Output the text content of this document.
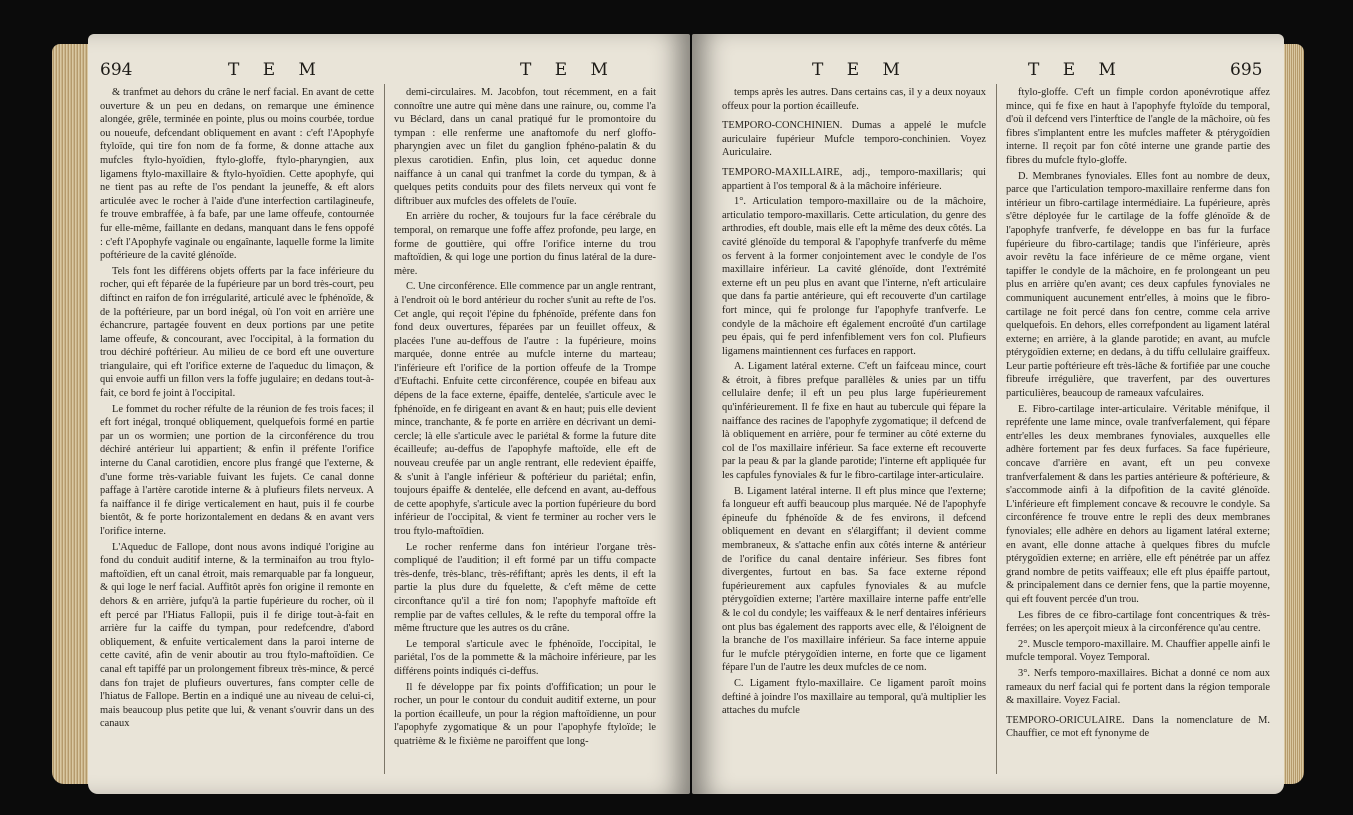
694	T E M	T E M

& tranfmet au dehors du crâne le nerf facial. En avant de cette ouverture & un peu en dedans, on remarque une éminence alongée, grêle, terminée en pointe, plus ou moins courbée, tordue ou noueufe, defcendant obliquement en avant : c'eft l'Apophyfe ftyloïde, qui tire fon nom de fa forme, & donne attache aux mufcles ftylo-hyoïdien, ftylo-gloffe, ftylo-pharyngien, aux ligamens ftylo-maxillaire & ftylo-hyoïdien. Cette apophyfe, qui ne tient pas au refte de l'os pendant la jeuneffe, & eft alors articulée avec le rocher à l'aide d'une interfection cartilagineufe, fe trouve embraffée, à fa bafe, par une lame offeufe, contournée fur elle-même, faillante en dedans, manquant dans le fens oppofé : c'eft l'Apophyfe vaginale ou engaînante, laquelle forme la limite poftérieure de la cavité glénoïde.

Tels font les différens objets offerts par la face inférieure du rocher, qui eft féparée de la fupérieure par un bord très-court, peu diftinct en raifon de fon irrégularité, articulé avec le fphénoïde, & de la poftérieure, par un bord inégal, où l'on voit en arrière une échancrure, partagée fouvent en deux portions par une petite lame offeufe, & concourant, avec l'occipital, à la formation du trou déchiré poftérieur. Au milieu de ce bord eft une ouverture triangulaire, qui eft l'orifice externe de l'aqueduc du limaçon, & qui envoie auffi un fillon vers la foffe jugulaire; en dedans tout-à-fait, ce bord fe joint à l'occipital.

Le fommet du rocher réfulte de la réunion de fes trois faces; il eft fort inégal, tronqué obliquement, quelquefois formé en partie par un os wormien; une portion de la circonférence du trou déchiré antérieur lui appartient; & enfin il préfente l'orifice interne du Canal carotidien, encore plus frangé que l'externe, & d'une forme très-variable fuivant les fujets. Ce canal donne paffage à l'artère carotide interne & à plufieurs filets nerveux. A fa naiffance il fe dirige verticalement en haut, puis il fe courbe bientôt, & fe porte horizontalement en dedans & en avant vers l'orifice interne.

L'Aqueduc de Fallope, dont nous avons indiqué l'origine au fond du conduit auditif interne, & la terminaifon au trou ftylo-maftoïdien, eft un canal étroit, mais remarquable par fa longueur, & qui loge le nerf facial. Auffitôt après fon origine il remonte en dehors & en arrière, jufqu'à la partie fupérieure du rocher, où il eft percé par l'Hiatus Fallopii, puis il fe dirige tout-à-fait en arrière fur la caiffe du tympan, pour redefcendre, d'abord obliquement, & enfuite verticalement dans la paroi interne de cette cavité, afin de venir aboutir au trou ftylo-maftoïdien. Ce canal eft tapiffé par un prolongement fibreux très-mince, & percé dans fon trajet de plufieurs ouvertures, fans compter celle de l'hiatus de Fallope. Bertin en a indiqué une au niveau de celui-ci, mais beaucoup plus petite que lui, & venant s'ouvrir dans un des canaux

demi-circulaires. M. Jacobfon, tout récemment, en a fait connoître une autre qui mène dans une rainure, ou, comme l'a vu Béclard, dans un canal pratiqué fur le promontoire du tympan : elle renferme une anaftomofe du nerf gloffo-pharyngien avec un filet du ganglion fphéno-palatin & du plexus carotidien. Enfin, plus loin, cet aqueduc donne naiffance à un canal qui tranfmet la corde du tympan, & à quelques petits conduits pour des filets nerveux qui vont fe diftribuer aux mufcles des offelets de l'ouïe.

En arrière du rocher, & toujours fur la face cérébrale du temporal, on remarque une foffe affez profonde, peu large, en forme de gouttière, qui offre l'orifice interne du trou maftoïdien, & qui loge une portion du finus latéral de la dure-mère.

C. Une circonférence. Elle commence par un angle rentrant, à l'endroit où le bord antérieur du rocher s'unit au refte de l'os. Cet angle, qui reçoit l'épine du fphénoïde, préfente dans fon fond deux ouvertures, féparées par un feuillet offeux, & placées l'une au-deffous de l'autre : la fupérieure, moins marquée, donne entrée au mufcle interne du marteau; l'inférieure eft l'orifice de la portion offeufe de la Trompe d'Euftachi. Enfuite cette circonférence, coupée en bifeau aux dépens de la face externe, épaiffe, dentelée, s'articule avec le fphénoïde, en fe dirigeant en avant & en haut; puis elle devient mince, tranchante, & fe porte en arrière en décrivant un demi-cercle; là elle s'articule avec le pariétal & forme la future dite écailleufe; au-deffus de l'apophyfe maftoïde, elle eft de nouveau creufée par un angle rentrant, elle redevient épaiffe, & s'unit à l'angle inférieur & poftérieur du pariétal; enfin, toujours épaiffe & dentelée, elle defcend en avant, au-deffous de cette apophyfe, s'articule avec la portion fupérieure du bord inférieur de l'occipital, & vient fe terminer au rocher vers le trou ftylo-maftoïdien.

Le rocher renferme dans fon intérieur l'organe très-compliqué de l'audition; il eft formé par un tiffu compacte très-denfe, très-blanc, très-réfiftant; après les dents, il eft la partie la plus dure du fquelette, & c'eft même de cette circonftance qu'il a tiré fon nom; l'apophyfe maftoïde eft remplie par de vaftes cellules, & le refte du temporal offre la même ftructure que les autres os du crâne.

Le temporal s'articule avec le fphénoïde, l'occipital, le pariétal, l'os de la pommette & la mâchoire inférieure, par les différens points indiqués ci-deffus.

Il fe développe par fix points d'offification; un pour le rocher, un pour le contour du conduit auditif externe, un pour la portion écailleufe, un pour la région maftoïdienne, un pour l'apophyfe zygomatique & un pour l'apophyfe ftyloïde; le quatrième & le fixième ne paroiffent que long-

T E M	T E M	695

temps après les autres. Dans certains cas, il y a deux noyaux offeux pour la portion écailleufe.

TEMPORO-CONCHINIEN. Dumas a appelé le mufcle auriculaire fupérieur Mufcle temporo-conchinien. Voyez Auriculaire.

TEMPORO-MAXILLAIRE, adj., temporo-maxillaris; qui appartient à l'os temporal & à la mâchoire inférieure.

1°. Articulation temporo-maxillaire ou de la mâchoire, articulatio temporo-maxillaris. Cette articulation, du genre des arthrodies, eft double, mais elle eft la même des deux côtés. La cavité glénoïde du temporal & l'apophyfe tranfverfe du même os fervent à la former conjointement avec le condyle de l'os maxillaire inférieur. La cavité glénoïde, dont l'extrémité externe eft un peu plus en avant que l'interne, n'eft articulaire que dans fa partie antérieure, qui eft recouverte d'un cartilage fort mince, qui fe prolonge fur l'apophyfe tranfverfe. Le condyle de la mâchoire eft également encroûté d'un cartilage peu épais, qui fe perd infenfiblement vers fon col. Plufieurs ligamens maintiennent ces furfaces en rapport.

A. Ligament latéral externe. C'eft un faifceau mince, court & étroit, à fibres prefque parallèles & unies par un tiffu cellulaire denfe; il eft un peu plus large fupérieurement qu'inférieurement. Il fe fixe en haut au tubercule qui fépare la naiffance des racines de l'apophyfe zygomatique; il defcend de là obliquement en arrière, pour fe terminer au côté externe du col de l'os maxillaire inférieur. Sa face externe eft recouverte par la peau & par la glande parotide; l'interne eft appliquée fur les capfules fynoviales & fur le fibro-cartilage inter-articulaire.

B. Ligament latéral interne. Il eft plus mince que l'externe; fa longueur eft auffi beaucoup plus marquée. Né de l'apophyfe épineufe du fphénoïde & de fes environs, il defcend obliquement en devant en s'élargiffant; il devient comme membraneux, & s'attache enfin aux côtés interne & antérieur de l'orifice du canal dentaire inférieur. Ses fibres font divergentes, furtout en bas. Sa face externe répond fupérieurement aux capfules fynoviales & au mufcle ptérygoïdien externe; l'artère maxillaire interne paffe entr'elle & le col du condyle; les vaiffeaux & le nerf dentaires inférieurs ont plus bas également des rapports avec elle, & l'éloignent de la branche de l'os maxillaire inférieur. Sa face interne appuie fur le mufcle ptérygoïdien interne, en forte que ce ligament fépare l'un de l'autre les deux mufcles de ce nom.

C. Ligament ftylo-maxillaire. Ce ligament paroît moins deftiné à joindre l'os maxillaire au temporal, qu'à multiplier les attaches du mufcle

ftylo-gloffe. C'eft un fimple cordon aponévrotique affez mince, qui fe fixe en haut à l'apophyfe ftyloïde du temporal, d'où il defcend vers l'interftice de l'angle de la mâchoire, où fes fibres s'implantent entre les mufcles maffeter & ptérygoïdien interne. Il reçoit par fon côté interne une grande partie des fibres du mufcle ftylo-gloffe.

D. Membranes fynoviales. Elles font au nombre de deux, parce que l'articulation temporo-maxillaire renferme dans fon intérieur un fibro-cartilage intermédiaire. La fupérieure, après s'être déployée fur le cartilage de la foffe glénoïde & de l'apophyfe tranfverfe, fe développe en bas fur la furface fupérieure du fibro-cartilage; tandis que l'inférieure, après avoir revêtu la face inférieure de ce même organe, vient tapiffer le condyle de la mâchoire, en fe prolongeant un peu plus en arrière qu'en avant; ces deux capfules fynoviales ne communiquent aucunement entr'elles, à moins que le fibro-cartilage ne foit percé dans fon centre, comme cela arrive quelquefois. En dehors, elles correfpondent au ligament latéral externe; en arrière, à la glande parotide; en avant, au mufcle ptérygoïdien externe; en dedans, à du tiffu cellulaire graiffeux. Leur partie poftérieure eft très-lâche & fortifiée par une couche fibreufe irrégulière, que traverfent, par des ouvertures particulières, beaucoup de rameaux vafculaires.

E. Fibro-cartilage inter-articulaire. Véritable ménifque, il repréfente une lame mince, ovale tranfverfalement, qui fépare entr'elles les deux membranes fynoviales, auxquelles elle adhère fortement par fes deux furfaces. Sa face fupérieure, concave d'arrière en avant, eft un peu convexe tranfverfalement & dans les parties antérieure & poftérieure, & s'accommode ainfi à la difpofition de la cavité glénoïde. L'inférieure eft fimplement concave & recouvre le condyle. Sa circonférence fe trouve entre le repli des deux membranes fynoviales; elle adhère en dehors au ligament latéral externe; en avant, elle donne attache à quelques fibres du mufcle ptérygoïdien externe; en arrière, elle eft pénétrée par un affez grand nombre de petits vaiffeaux; elle eft plus épaiffe partout, & principalement dans ce dernier fens, que la partie moyenne, qui eft fouvent percée d'un trou.

Les fibres de ce fibro-cartilage font concentriques & très-ferrées; on les aperçoit mieux à la circonférence qu'au centre.

2°. Muscle temporo-maxillaire. M. Chauffier appelle ainfi le mufcle temporal. Voyez Temporal.

3°. Nerfs temporo-maxillaires. Bichat a donné ce nom aux rameaux du nerf facial qui fe portent dans la région temporale & maxillaire. Voyez Facial.

TEMPORO-ORICULAIRE. Dans la nomenclature de M. Chauffier, ce mot eft fynonyme de
